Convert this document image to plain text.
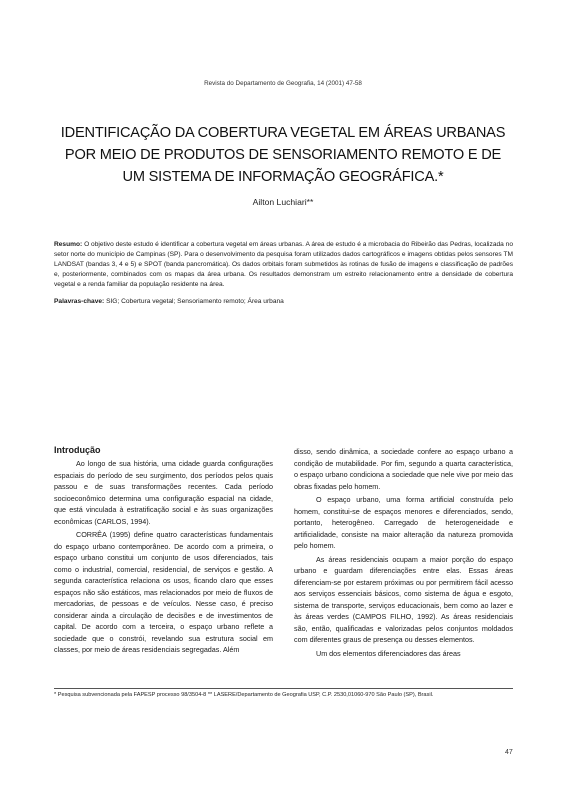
Revista do Departamento de Geografia, 14 (2001) 47-58
IDENTIFICAÇÃO DA COBERTURA VEGETAL EM ÁREAS URBANAS
POR MEIO DE PRODUTOS DE SENSORIAMENTO REMOTO E DE
UM SISTEMA DE INFORMAÇÃO GEOGRÁFICA.*
Ailton Luchiari**

Resumo: O objetivo deste estudo é identificar a cobertura vegetal em áreas urbanas. A área de estudo é a microbacia do Ribeirão das Pedras, localizada no setor norte do município de Campinas (SP). Para o desenvolvimento da pesquisa foram utilizados dados cartográficos e imagens obtidas pelos sensores TM LANDSAT (bandas 3, 4 e 5) e SPOT (banda pancromática). Os dados orbitais foram submetidos às rotinas de fusão de imagens e classificação de padrões e, posteriormente, combinados com os mapas da área urbana. Os resultados demonstram um estreito relacionamento entre a densidade de cobertura vegetal e a renda familiar da população residente na área.

Palavras-chave: SIG; Cobertura vegetal; Sensoriamento remoto; Área urbana

Introdução

Ao longo de sua história, uma cidade guarda configurações espaciais do período de seu surgimento, dos períodos pelos quais passou e de suas transformações recentes. Cada período socioeconômico determina uma configuração espacial na cidade, que está vinculada à estratificação social e às suas organizações econômicas (CARLOS, 1994).

CORRÊA (1995) define quatro características fundamentais do espaço urbano contemporâneo. De acordo com a primeira, o espaço urbano constitui um conjunto de usos diferenciados, tais como o industrial, comercial, residencial, de serviços e gestão. A segunda característica relaciona os usos, ficando claro que esses espaços não são estáticos, mas relacionados por meio de fluxos de mercadorias, de pessoas e de veículos. Nesse caso, é preciso considerar ainda a circulação de decisões e de investimentos de capital. De acordo com a terceira, o espaço urbano reflete a sociedade que o constrói, revelando sua estrutura social em classes, por meio de áreas residenciais segregadas. Além

disso, sendo dinâmica, a sociedade confere ao espaço urbano a condição de mutabilidade. Por fim, segundo a quarta característica, o espaço urbano condiciona a sociedade que nele vive por meio das obras fixadas pelo homem.

O espaço urbano, uma forma artificial construída pelo homem, constitui-se de espaços menores e diferenciados, sendo, portanto, heterogêneo. Carregado de heterogeneidade e artificialidade, consiste na maior alteração da natureza promovida pelo homem.

As áreas residenciais ocupam a maior porção do espaço urbano e guardam diferenciações entre elas. Essas áreas diferenciam-se por estarem próximas ou por permitirem fácil acesso aos serviços essenciais básicos, como sistema de água e esgoto, sistema de transporte, serviços educacionais, bem como ao lazer e às áreas verdes (CAMPOS FILHO, 1992). As áreas residenciais são, então, qualificadas e valorizadas pelos conjuntos moldados com diferentes graus de presença ou desses elementos.

Um dos elementos diferenciadores das áreas

* Pesquisa subvencionada pela FAPESP processo 98/3504-8 ** LASERE/Departamento de Geografia USP, C.P. 2530,01060-970 São Paulo (SP), Brasil.
47
